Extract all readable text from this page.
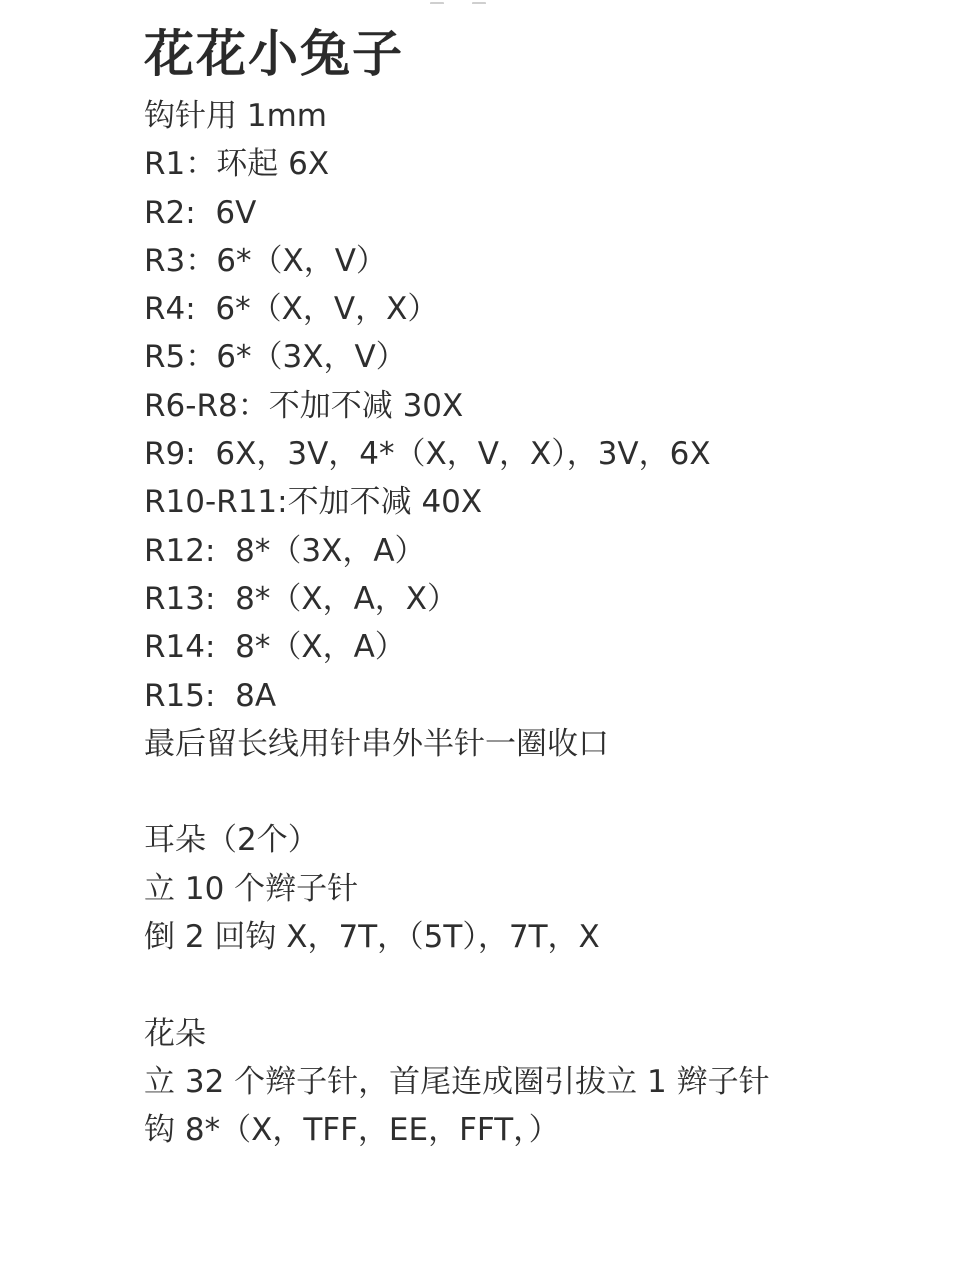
花花小兔子
钩针用 1mm
R1：环起 6X
R2:  6V
R3：6*（X，V）
R4:  6*（X，V，X）
R5：6*（3X，V）
R6-R8：不加不减 30X
R9:  6X，3V，4*（X，V，X），3V，6X
R10-R11:不加不减 40X
R12:  8*（3X，A）
R13:  8*（X，A，X）
R14:  8*（X，A）
R15:  8A
最后留长线用针串外半针一圈收口
耳朵（2个）
立 10 个辫子针
倒 2 回钩 X，7T，（5T），7T，X
花朵
立 32 个辫子针，首尾连成圈引拔立 1 辫子针
钩 8*（X，TFF，EE，FFT，）
